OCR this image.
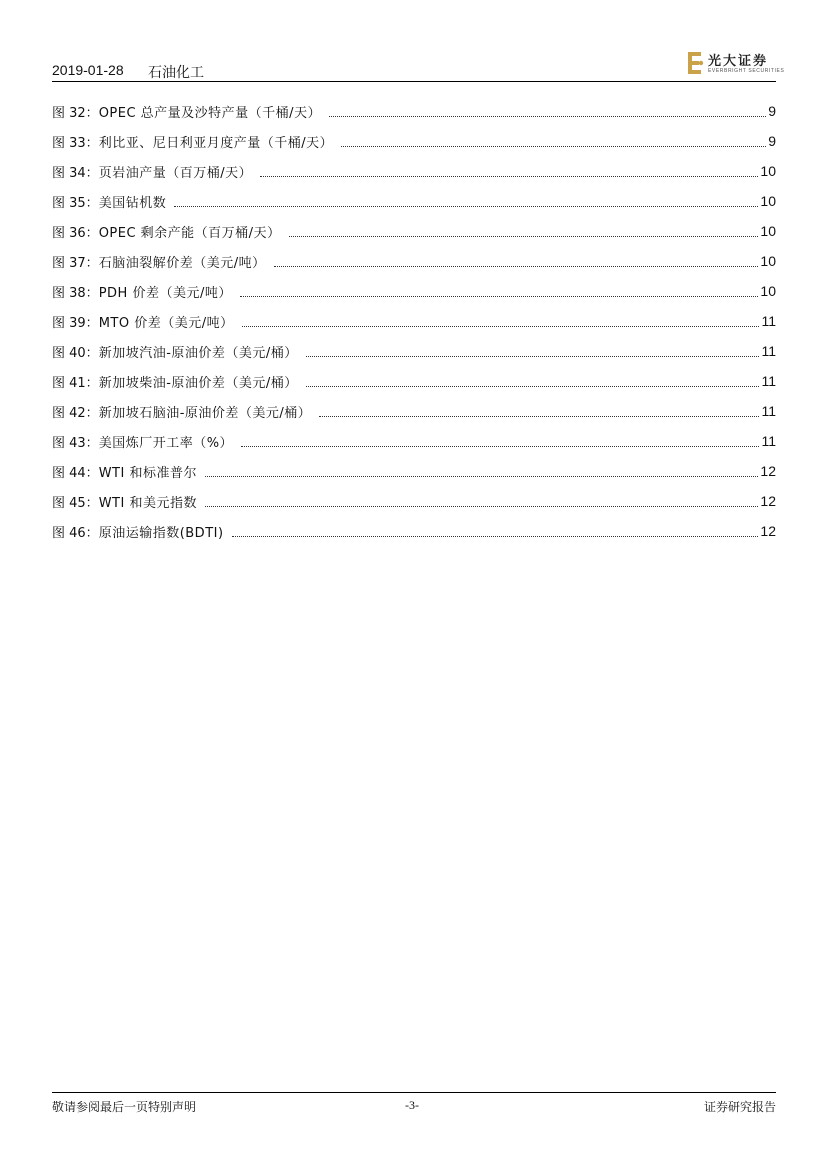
2019-01-28 石油化工
光大证券
EVERBRIGHT SECURITIES
图 32： OPEC 总产量及沙特产量（千桶/天）	9
图 33： 利比亚、尼日利亚月度产量（千桶/天）	9
图 34： 页岩油产量（百万桶/天）	10
图 35： 美国钻机数	10
图 36： OPEC 剩余产能（百万桶/天）	10
图 37： 石脑油裂解价差（美元/吨）	10
图 38： PDH 价差（美元/吨）	10
图 39： MTO 价差（美元/吨）	11
图 40： 新加坡汽油-原油价差（美元/桶）	11
图 41： 新加坡柴油-原油价差（美元/桶）	11
图 42： 新加坡石脑油-原油价差（美元/桶）	11
图 43： 美国炼厂开工率（%）	11
图 44： WTI 和标准普尔	12
图 45： WTI 和美元指数	12
图 46： 原油运输指数(BDTI)	12
敬请参阅最后一页特别声明	-3-	证券研究报告
